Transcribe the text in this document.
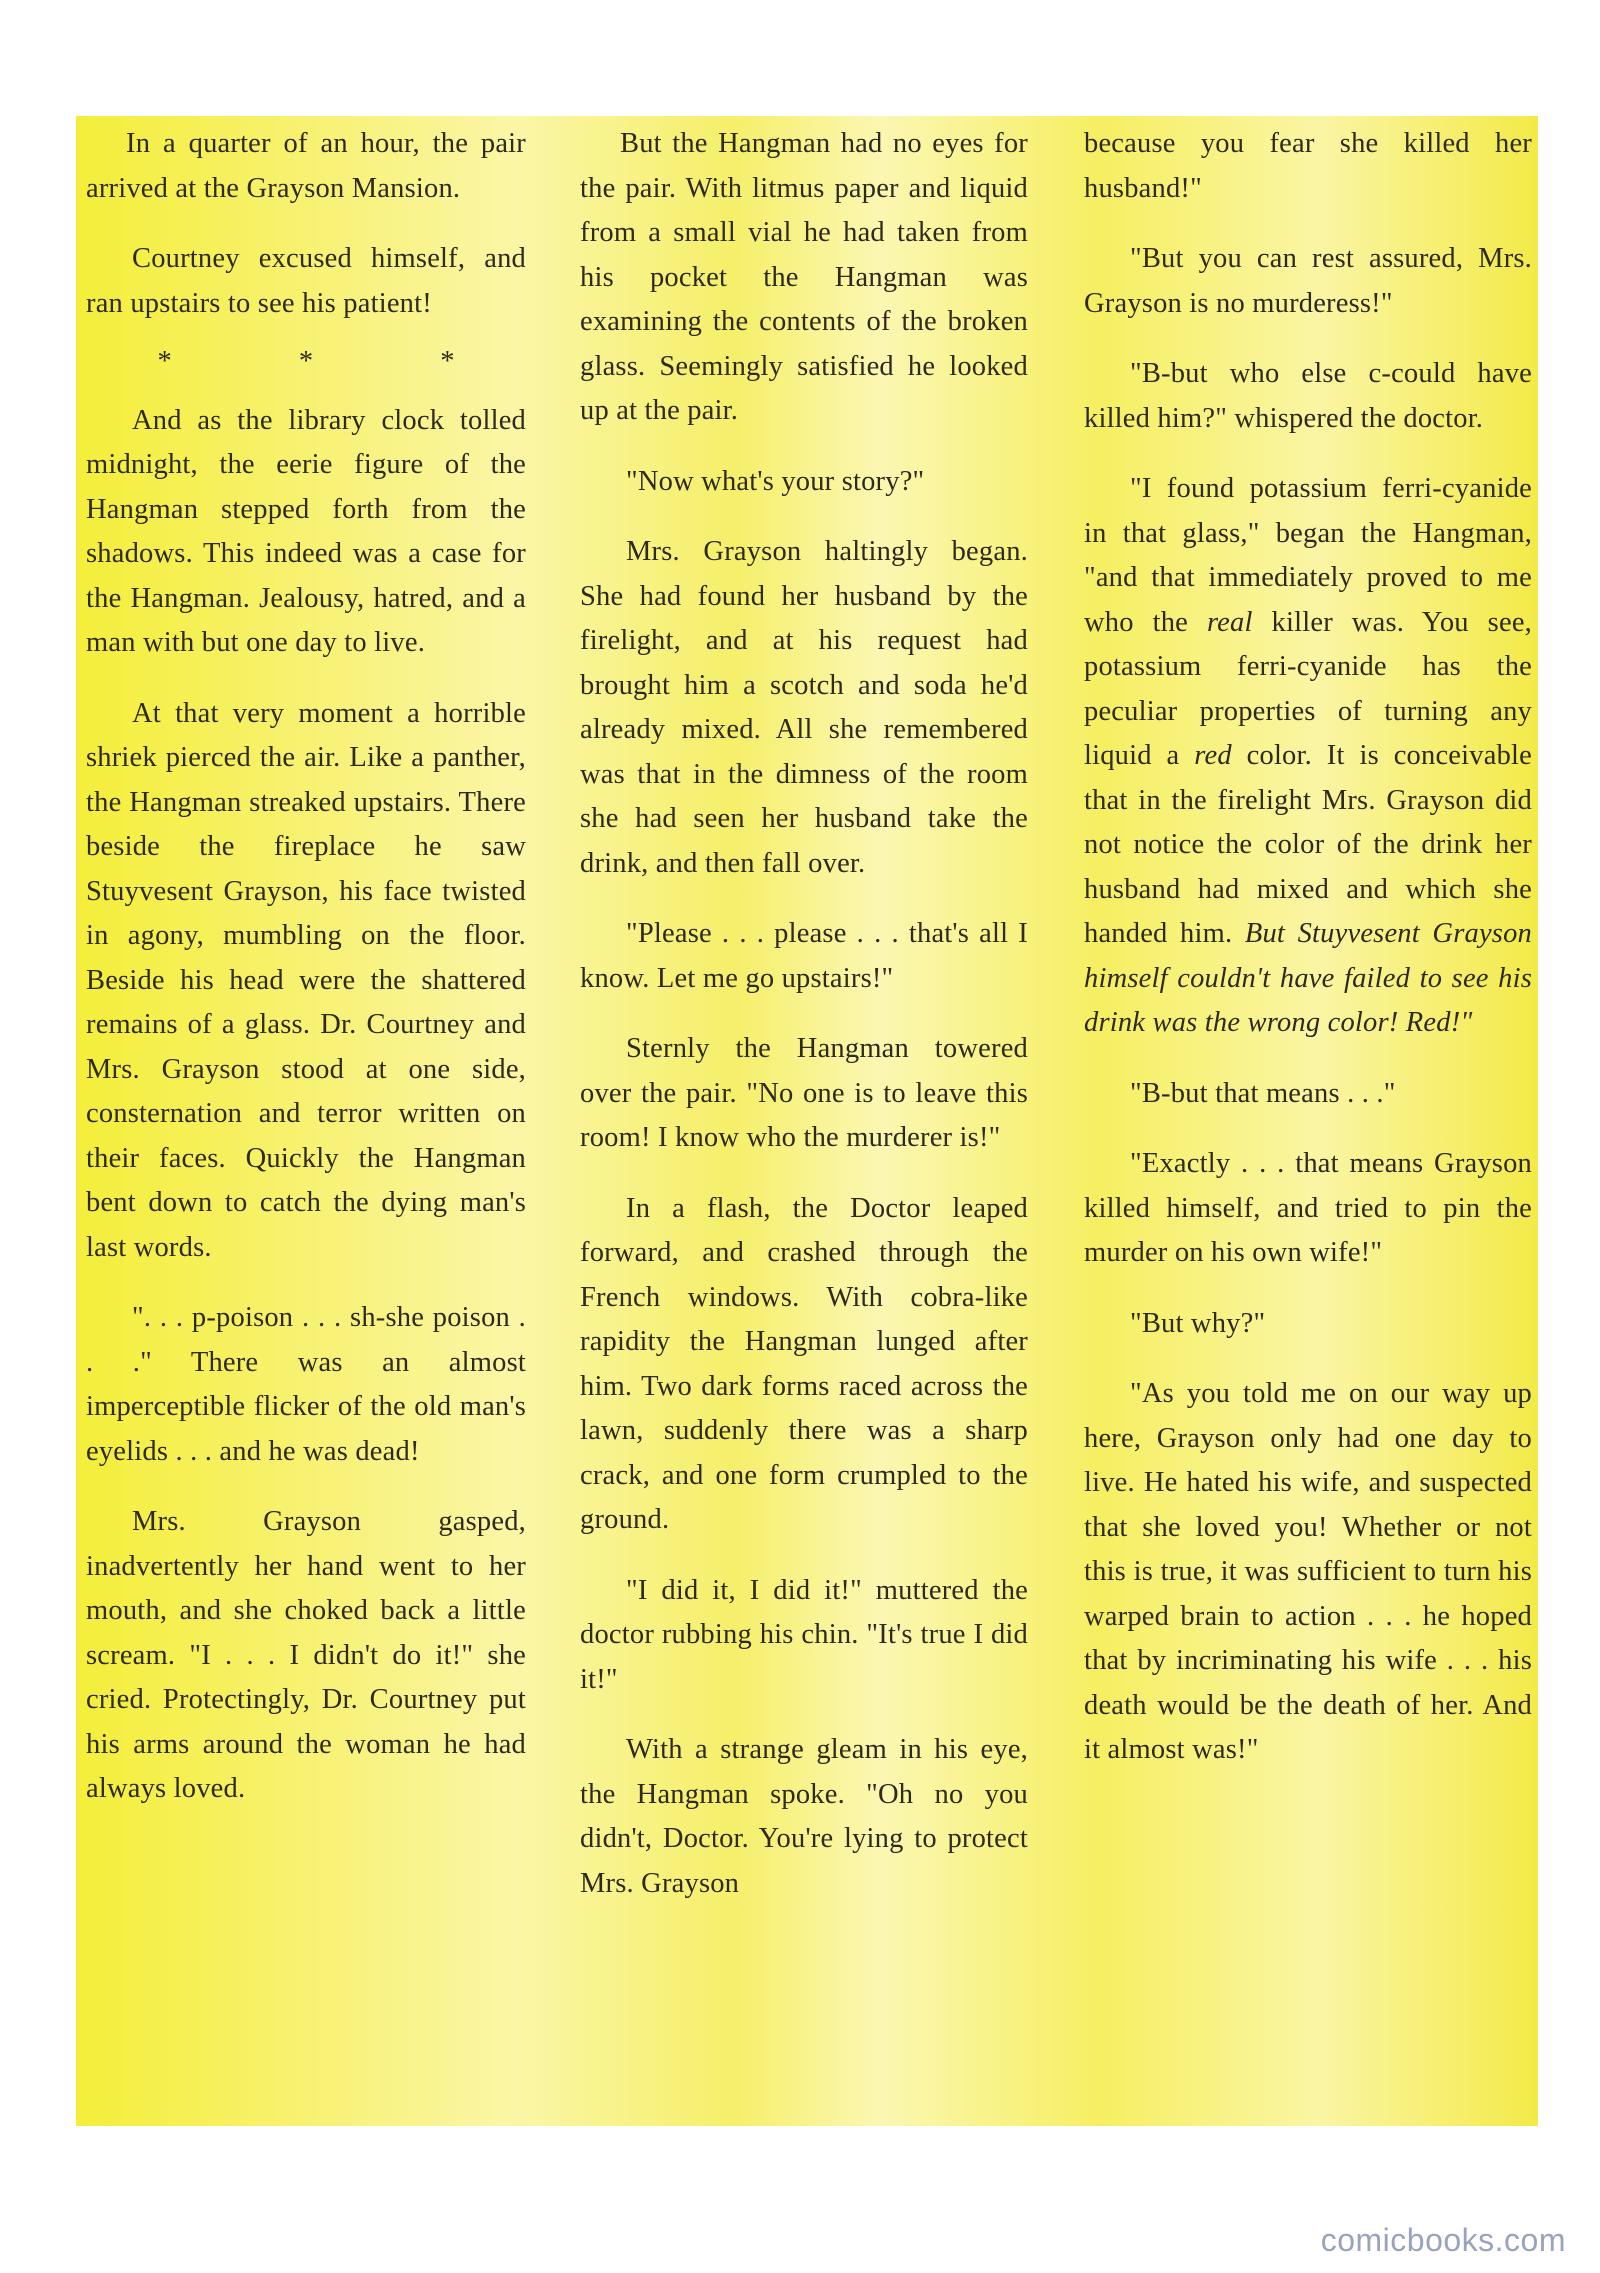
In a quarter of an hour, the pair arrived at the Grayson Mansion.

Courtney excused himself, and ran upstairs to see his patient!

* * *

And as the library clock tolled midnight, the eerie figure of the Hangman stepped forth from the shadows. This indeed was a case for the Hangman. Jealousy, hatred, and a man with but one day to live.

At that very moment a horrible shriek pierced the air. Like a panther, the Hangman streaked upstairs. There beside the fireplace he saw Stuyvesent Grayson, his face twisted in agony, mumbling on the floor. Beside his head were the shattered remains of a glass. Dr. Courtney and Mrs. Grayson stood at one side, consternation and terror written on their faces. Quickly the Hangman bent down to catch the dying man's last words.

". . . p-poison . . . sh-she poison . . ." There was an almost imperceptible flicker of the old man's eyelids . . . and he was dead!

Mrs. Grayson gasped, inadvertently her hand went to her mouth, and she choked back a little scream. "I . . . I didn't do it!" she cried. Protectingly, Dr. Courtney put his arms around the woman he had always loved.

But the Hangman had no eyes for the pair. With litmus paper and liquid from a small vial he had taken from his pocket the Hangman was examining the contents of the broken glass. Seemingly satisfied he looked up at the pair.

"Now what's your story?"

Mrs. Grayson haltingly began. She had found her husband by the firelight, and at his request had brought him a scotch and soda he'd already mixed. All she remembered was that in the dimness of the room she had seen her husband take the drink, and then fall over.

"Please . . . please . . . that's all I know. Let me go upstairs!"

Sternly the Hangman towered over the pair. "No one is to leave this room! I know who the murderer is!"

In a flash, the Doctor leaped forward, and crashed through the French windows. With cobra-like rapidity the Hangman lunged after him. Two dark forms raced across the lawn, suddenly there was a sharp crack, and one form crumpled to the ground.

"I did it, I did it!" muttered the doctor rubbing his chin. "It's true I did it!"

With a strange gleam in his eye, the Hangman spoke. "Oh no you didn't, Doctor. You're lying to protect Mrs. Grayson

because you fear she killed her husband!"

"But you can rest assured, Mrs. Grayson is no murderess!"

"B-but who else c-could have killed him?" whispered the doctor.

"I found potassium ferri-cyanide in that glass," began the Hangman, "and that immediately proved to me who the real killer was. You see, potassium ferri-cyanide has the peculiar properties of turning any liquid a red color. It is conceivable that in the firelight Mrs. Grayson did not notice the color of the drink her husband had mixed and which she handed him. But Stuyvesent Grayson himself couldn't have failed to see his drink was the wrong color! Red!"

"B-but that means . . ."

"Exactly . . . that means Grayson killed himself, and tried to pin the murder on his own wife!"

"But why?"

"As you told me on our way up here, Grayson only had one day to live. He hated his wife, and suspected that she loved you! Whether or not this is true, it was sufficient to turn his warped brain to action . . . he hoped that by incriminating his wife . . . his death would be the death of her. And it almost was!"

comicbooks.com
